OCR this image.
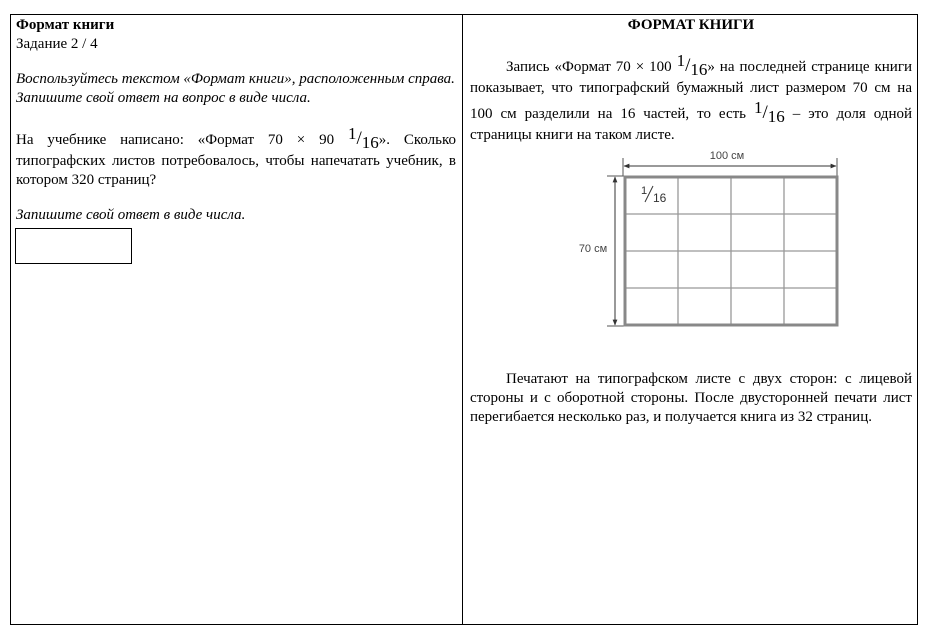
Формат книги
Задание 2 / 4

Воспользуйтесь текстом «Формат книги», расположенным справа. Запишите свой ответ на вопрос в виде числа.

На учебнике написано: «Формат 70 × 90 1/16». Сколько типографских листов потребовалось, чтобы напечатать учебник, в котором 320 страниц?

Запишите свой ответ в виде числа.

ФОРМАТ КНИГИ

Запись «Формат 70 × 100 1/16» на последней странице книги показывает, что типографский бумажный лист размером 70 см на 100 см разделили на 16 частей, то есть 1/16 – это доля одной страницы книги на таком листе.

Печатают на типографском листе с двух сторон: с лицевой стороны и с оборотной стороны. После двусторонней печати лист перегибается несколько раз, и получается книга из 32 страниц.

100 см
70 см
1 16
